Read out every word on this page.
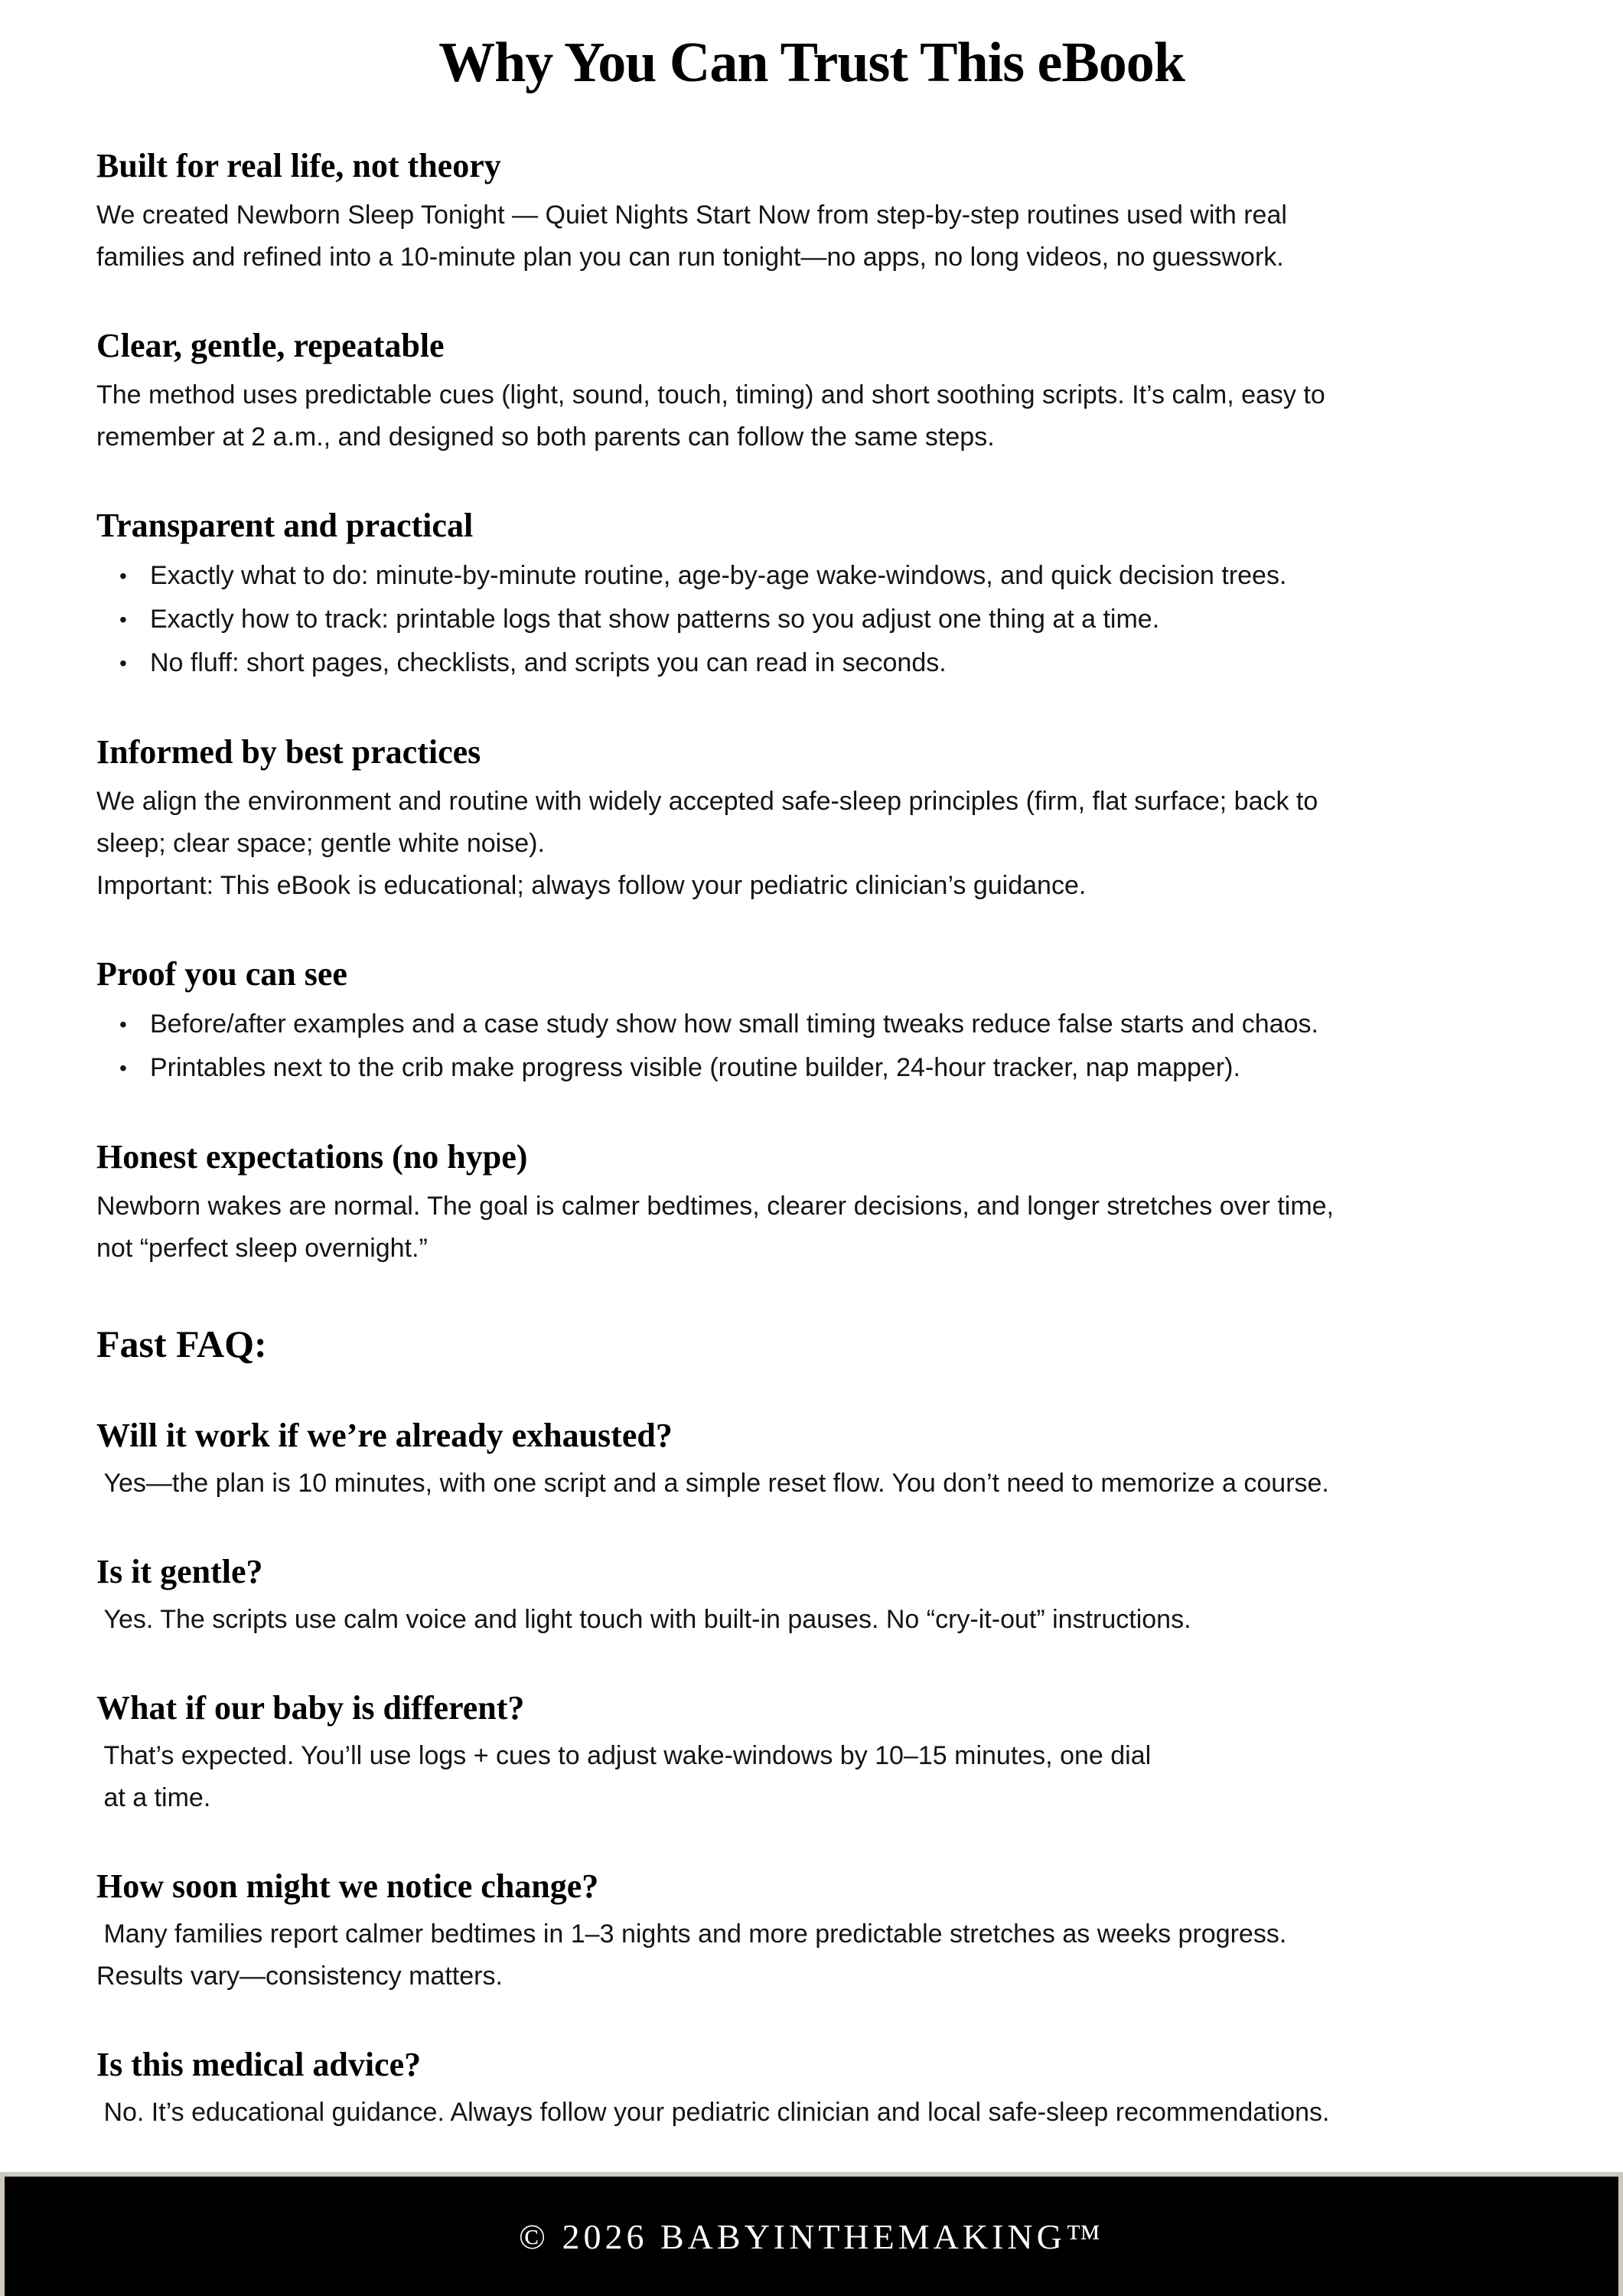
Why You Can Trust This eBook
Built for real life, not theory
We created Newborn Sleep Tonight — Quiet Nights Start Now from step-by-step routines used with real
families and refined into a 10-minute plan you can run tonight—no apps, no long videos, no guesswork.
Clear, gentle, repeatable
The method uses predictable cues (light, sound, touch, timing) and short soothing scripts. It’s calm, easy to
remember at 2 a.m., and designed so both parents can follow the same steps.
Transparent and practical
• Exactly what to do: minute-by-minute routine, age-by-age wake-windows, and quick decision trees.
• Exactly how to track: printable logs that show patterns so you adjust one thing at a time.
• No fluff: short pages, checklists, and scripts you can read in seconds.
Informed by best practices
We align the environment and routine with widely accepted safe-sleep principles (firm, flat surface; back to
sleep; clear space; gentle white noise).
Important: This eBook is educational; always follow your pediatric clinician’s guidance.
Proof you can see
• Before/after examples and a case study show how small timing tweaks reduce false starts and chaos.
• Printables next to the crib make progress visible (routine builder, 24-hour tracker, nap mapper).
Honest expectations (no hype)
Newborn wakes are normal. The goal is calmer bedtimes, clearer decisions, and longer stretches over time,
not “perfect sleep overnight.”
Fast FAQ:
Will it work if we’re already exhausted?
Yes—the plan is 10 minutes, with one script and a simple reset flow. You don’t need to memorize a course.
Is it gentle?
Yes. The scripts use calm voice and light touch with built-in pauses. No “cry-it-out” instructions.
What if our baby is different?
That’s expected. You’ll use logs + cues to adjust wake-windows by 10–15 minutes, one dial
at a time.
How soon might we notice change?
Many families report calmer bedtimes in 1–3 nights and more predictable stretches as weeks progress.
Results vary—consistency matters.
Is this medical advice?
No. It’s educational guidance. Always follow your pediatric clinician and local safe-sleep recommendations.
© 2026 BABYINTHEMAKING™
